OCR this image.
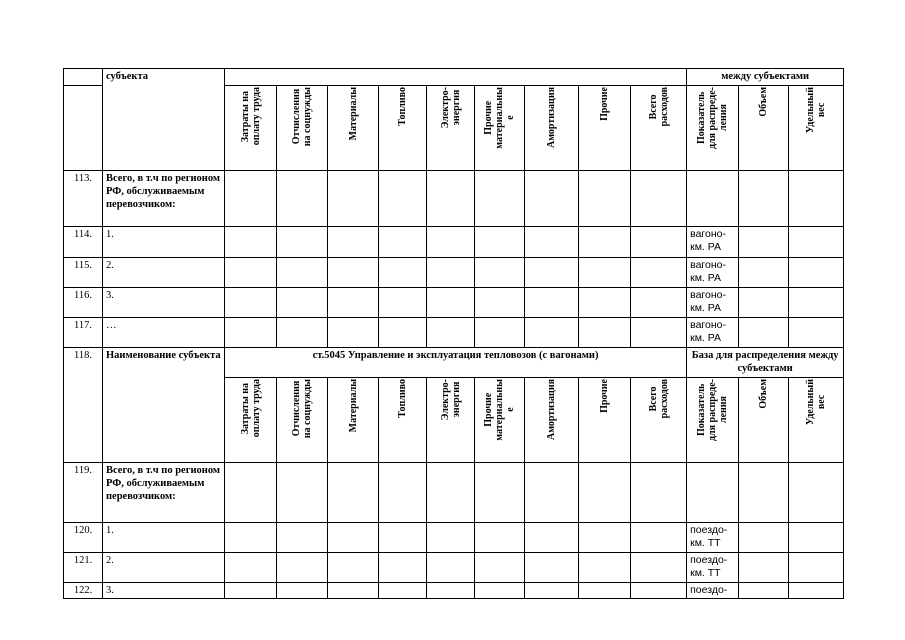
	субъекта										между субъектами		
		Затраты на
оплату труда	Отчисления
на соцнужды	Материалы	Топливо	Электро-
энергия	Прочие
материальны
е	Амортизация	Прочие	Всего
расходов	Показатель
для распреде-
ления	Объем	Удельный
вес
113.	Всего, в т.ч по регионом РФ, обслуживаемым перевозчиком:												
114.	1.										вагоно-
км. РА		
115.	2.										вагоно-
км. РА		
116.	3.										вагоно-
км. РА		
117.	…										вагоно-
км. РА		
118.	Наименование субъекта	ст.5045 Управление и эксплуатация тепловозов (с вагонами)									База для распределения между субъектами		
		Затраты на
оплату труда	Отчисления
на соцнужды	Материалы	Топливо	Электро-
энергия	Прочие
материальны
е	Амортизация	Прочие	Всего
расходов	Показатель
для распреде-
ления	Объем	Удельный
вес
119.	Всего, в т.ч по регионом РФ, обслуживаемым перевозчиком:												
120.	1.										поездо-
км. ТТ		
121.	2.										поездо-
км. ТТ		
122.	3.										поездо-		
